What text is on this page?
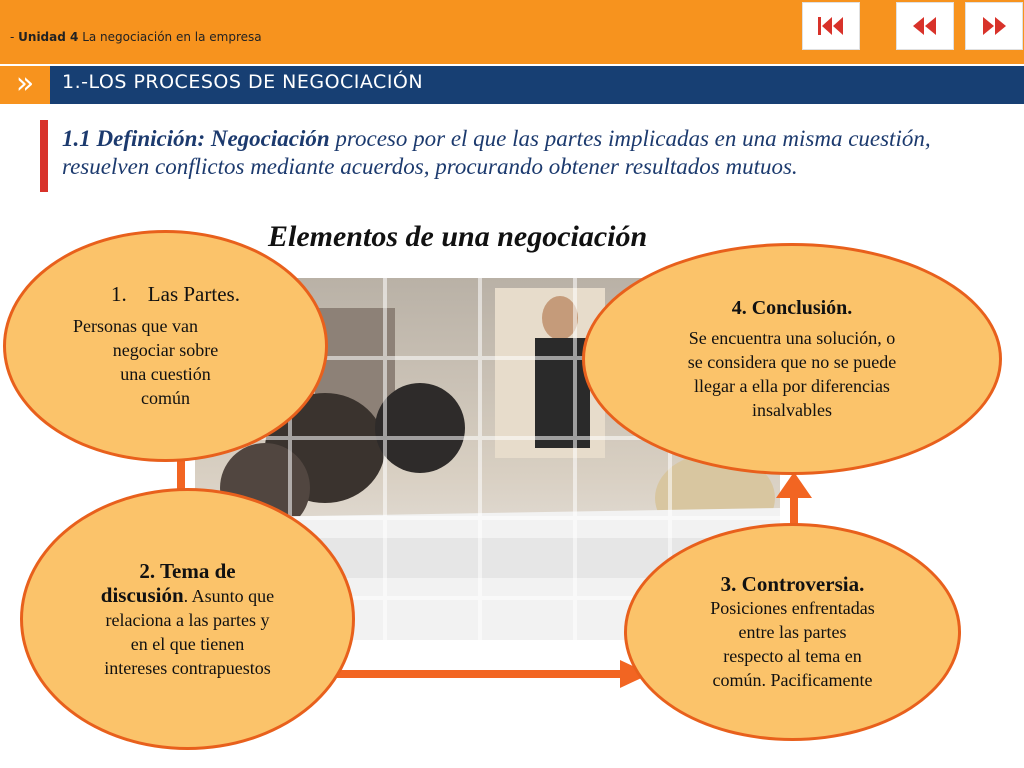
- Unidad 4 La negociación en la empresa
»	1.-LOS PROCESOS DE NEGOCIACIÓN
1.1 Definición: Negociación proceso por el que las partes implicadas en una misma cuestión, resuelven conflictos mediante acuerdos, procurando obtener resultados mutuos.
Elementos de una negociación
1. Las Partes.
Personas que van
negociar sobre
una cuestión
común
2. Tema de
discusión. Asunto que
relaciona a las partes y
en el que tienen
intereses contrapuestos
3. Controversia.
Posiciones enfrentadas
entre las partes
respecto al tema en
común. Pacificamente
4. Conclusión.
Se encuentra una solución, o
se considera que no se puede
llegar a ella por diferencias
insalvables
